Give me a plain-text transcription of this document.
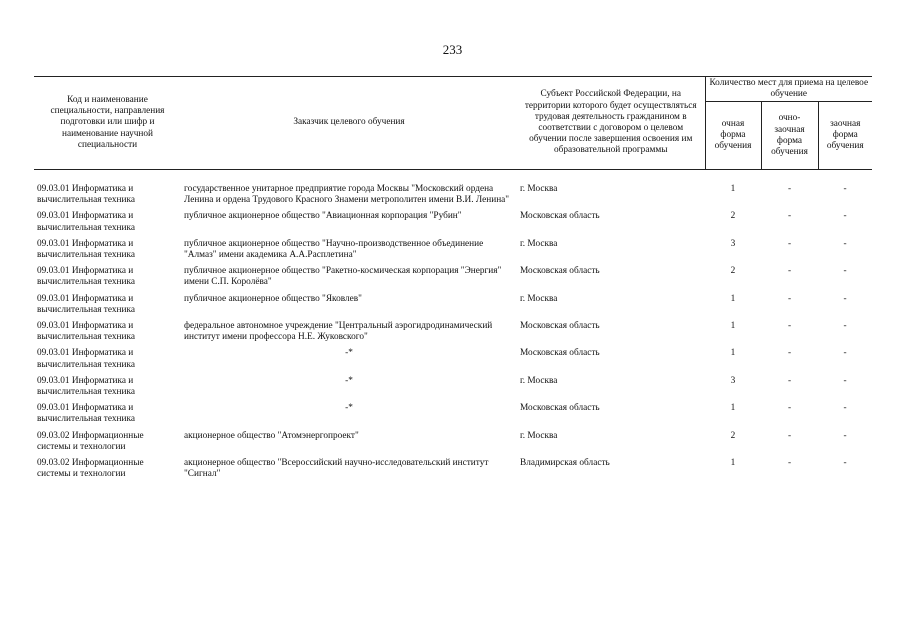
233
Код и наименование специальности, направления подготовки или шифр и наименование научной специальности	Заказчик целевого обучения	Субъект Российской Федерации, на территории которого будет осуществляться трудовая деятельность гражданином в соответствии с договором о целевом обучении после завершения освоения им образовательной программы	Количество мест для приема на целевое обучение		
			очная форма обучения	очно-заочная форма обучения	заочная форма обучения
09.03.01 Информатика и вычислительная техника	государственное унитарное предприятие города Москвы "Московский ордена Ленина и ордена Трудового Красного Знамени метрополитен имени В.И. Ленина"	г. Москва	1	-	-
09.03.01 Информатика и вычислительная техника	публичное акционерное общество "Авиационная корпорация "Рубин"	Московская область	2	-	-
09.03.01 Информатика и вычислительная техника	публичное акционерное общество "Научно-производственное объединение "Алмаз" имени академика А.А.Расплетина"	г. Москва	3	-	-
09.03.01 Информатика и вычислительная техника	публичное акционерное общество "Ракетно-космическая корпорация "Энергия" имени С.П. Королёва"	Московская область	2	-	-
09.03.01 Информатика и вычислительная техника	публичное акционерное общество "Яковлев"	г. Москва	1	-	-
09.03.01 Информатика и вычислительная техника	федеральное автономное учреждение "Центральный аэрогидродинамический институт имени профессора Н.Е. Жуковского"	Московская область	1	-	-
09.03.01 Информатика и вычислительная техника	-*	Московская область	1	-	-
09.03.01 Информатика и вычислительная техника	-*	г. Москва	3	-	-
09.03.01 Информатика и вычислительная техника	-*	Московская область	1	-	-
09.03.02 Информационные системы и технологии	акционерное общество "Атомэнергопроект"	г. Москва	2	-	-
09.03.02 Информационные системы и технологии	акционерное общество "Всероссийский научно-исследовательский институт "Сигнал"	Владимирская область	1	-	-
